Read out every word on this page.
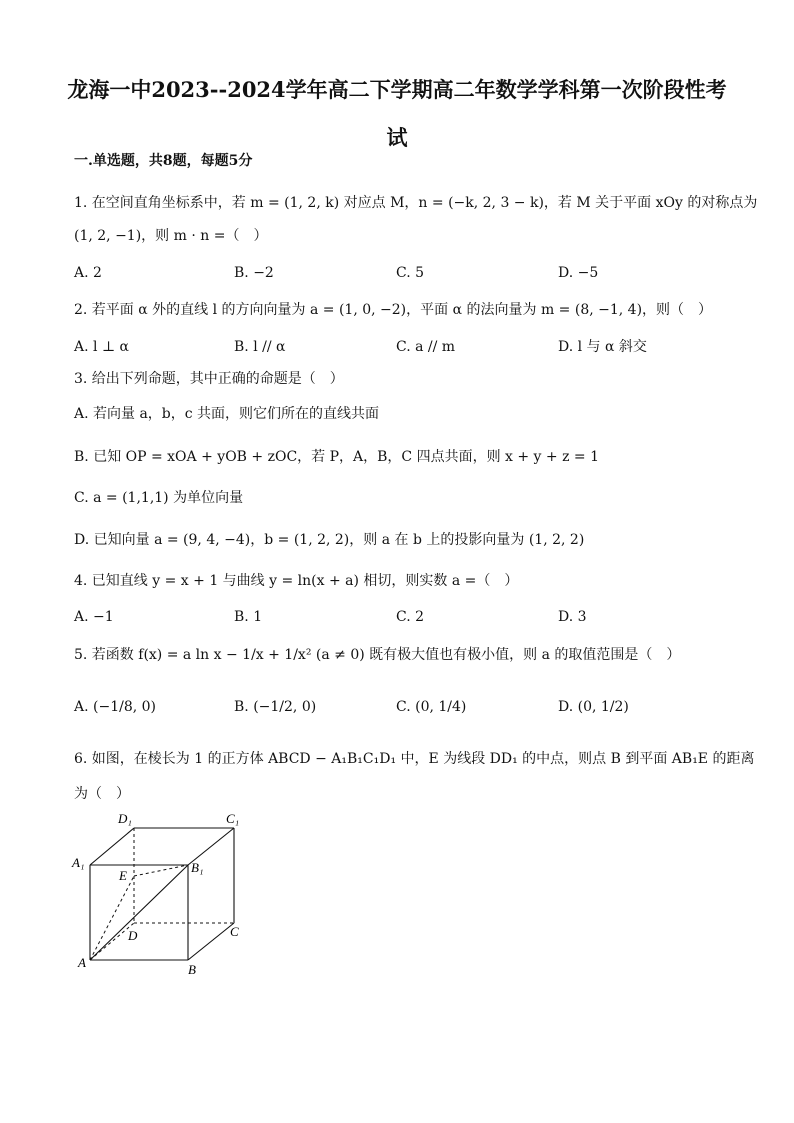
龙海一中2023--2024学年高二下学期高二年数学学科第一次阶段性考
试
一.单选题，共8题，每题5分
1. 在空间直角坐标系中，若 m = (1, 2, k) 对应点 M，n = (−k, 2, 3 − k)，若 M 关于平面 xOy 的对称点为
(1, 2, −1)，则 m · n =（　）
A. 2	B. −2	C. 5	D. −5
2. 若平面 α 外的直线 l 的方向向量为 a = (1, 0, −2)，平面 α 的法向量为 m = (8, −1, 4)，则（　）
A. l ⊥ α	B. l // α	C. a // m	D. l 与 α 斜交
3. 给出下列命题，其中正确的命题是（　）
A. 若向量 a，b，c 共面，则它们所在的直线共面
B. 已知 OP = xOA + yOB + zOC，若 P，A，B，C 四点共面，则 x + y + z = 1
C. a = (1,1,1) 为单位向量
D. 已知向量 a = (9, 4, −4)，b = (1, 2, 2)，则 a 在 b 上的投影向量为 (1, 2, 2)
4. 已知直线 y = x + 1 与曲线 y = ln(x + a) 相切，则实数 a =（　）
A. −1	B. 1	C. 2	D. 3
5. 若函数 f(x) = a ln x − 1/x + 1/x² (a ≠ 0) 既有极大值也有极小值，则 a 的取值范围是（　）
A. (−1/8, 0)	B. (−1/2, 0)	C. (0, 1/4)	D. (0, 1/2)
6. 如图，在棱长为 1 的正方体 ABCD − A₁B₁C₁D₁ 中，E 为线段 DD₁ 的中点，则点 B 到平面 AB₁E 的距离
为（　）
D₁	C₁
A₁	B₁
E
D	C
A	B
